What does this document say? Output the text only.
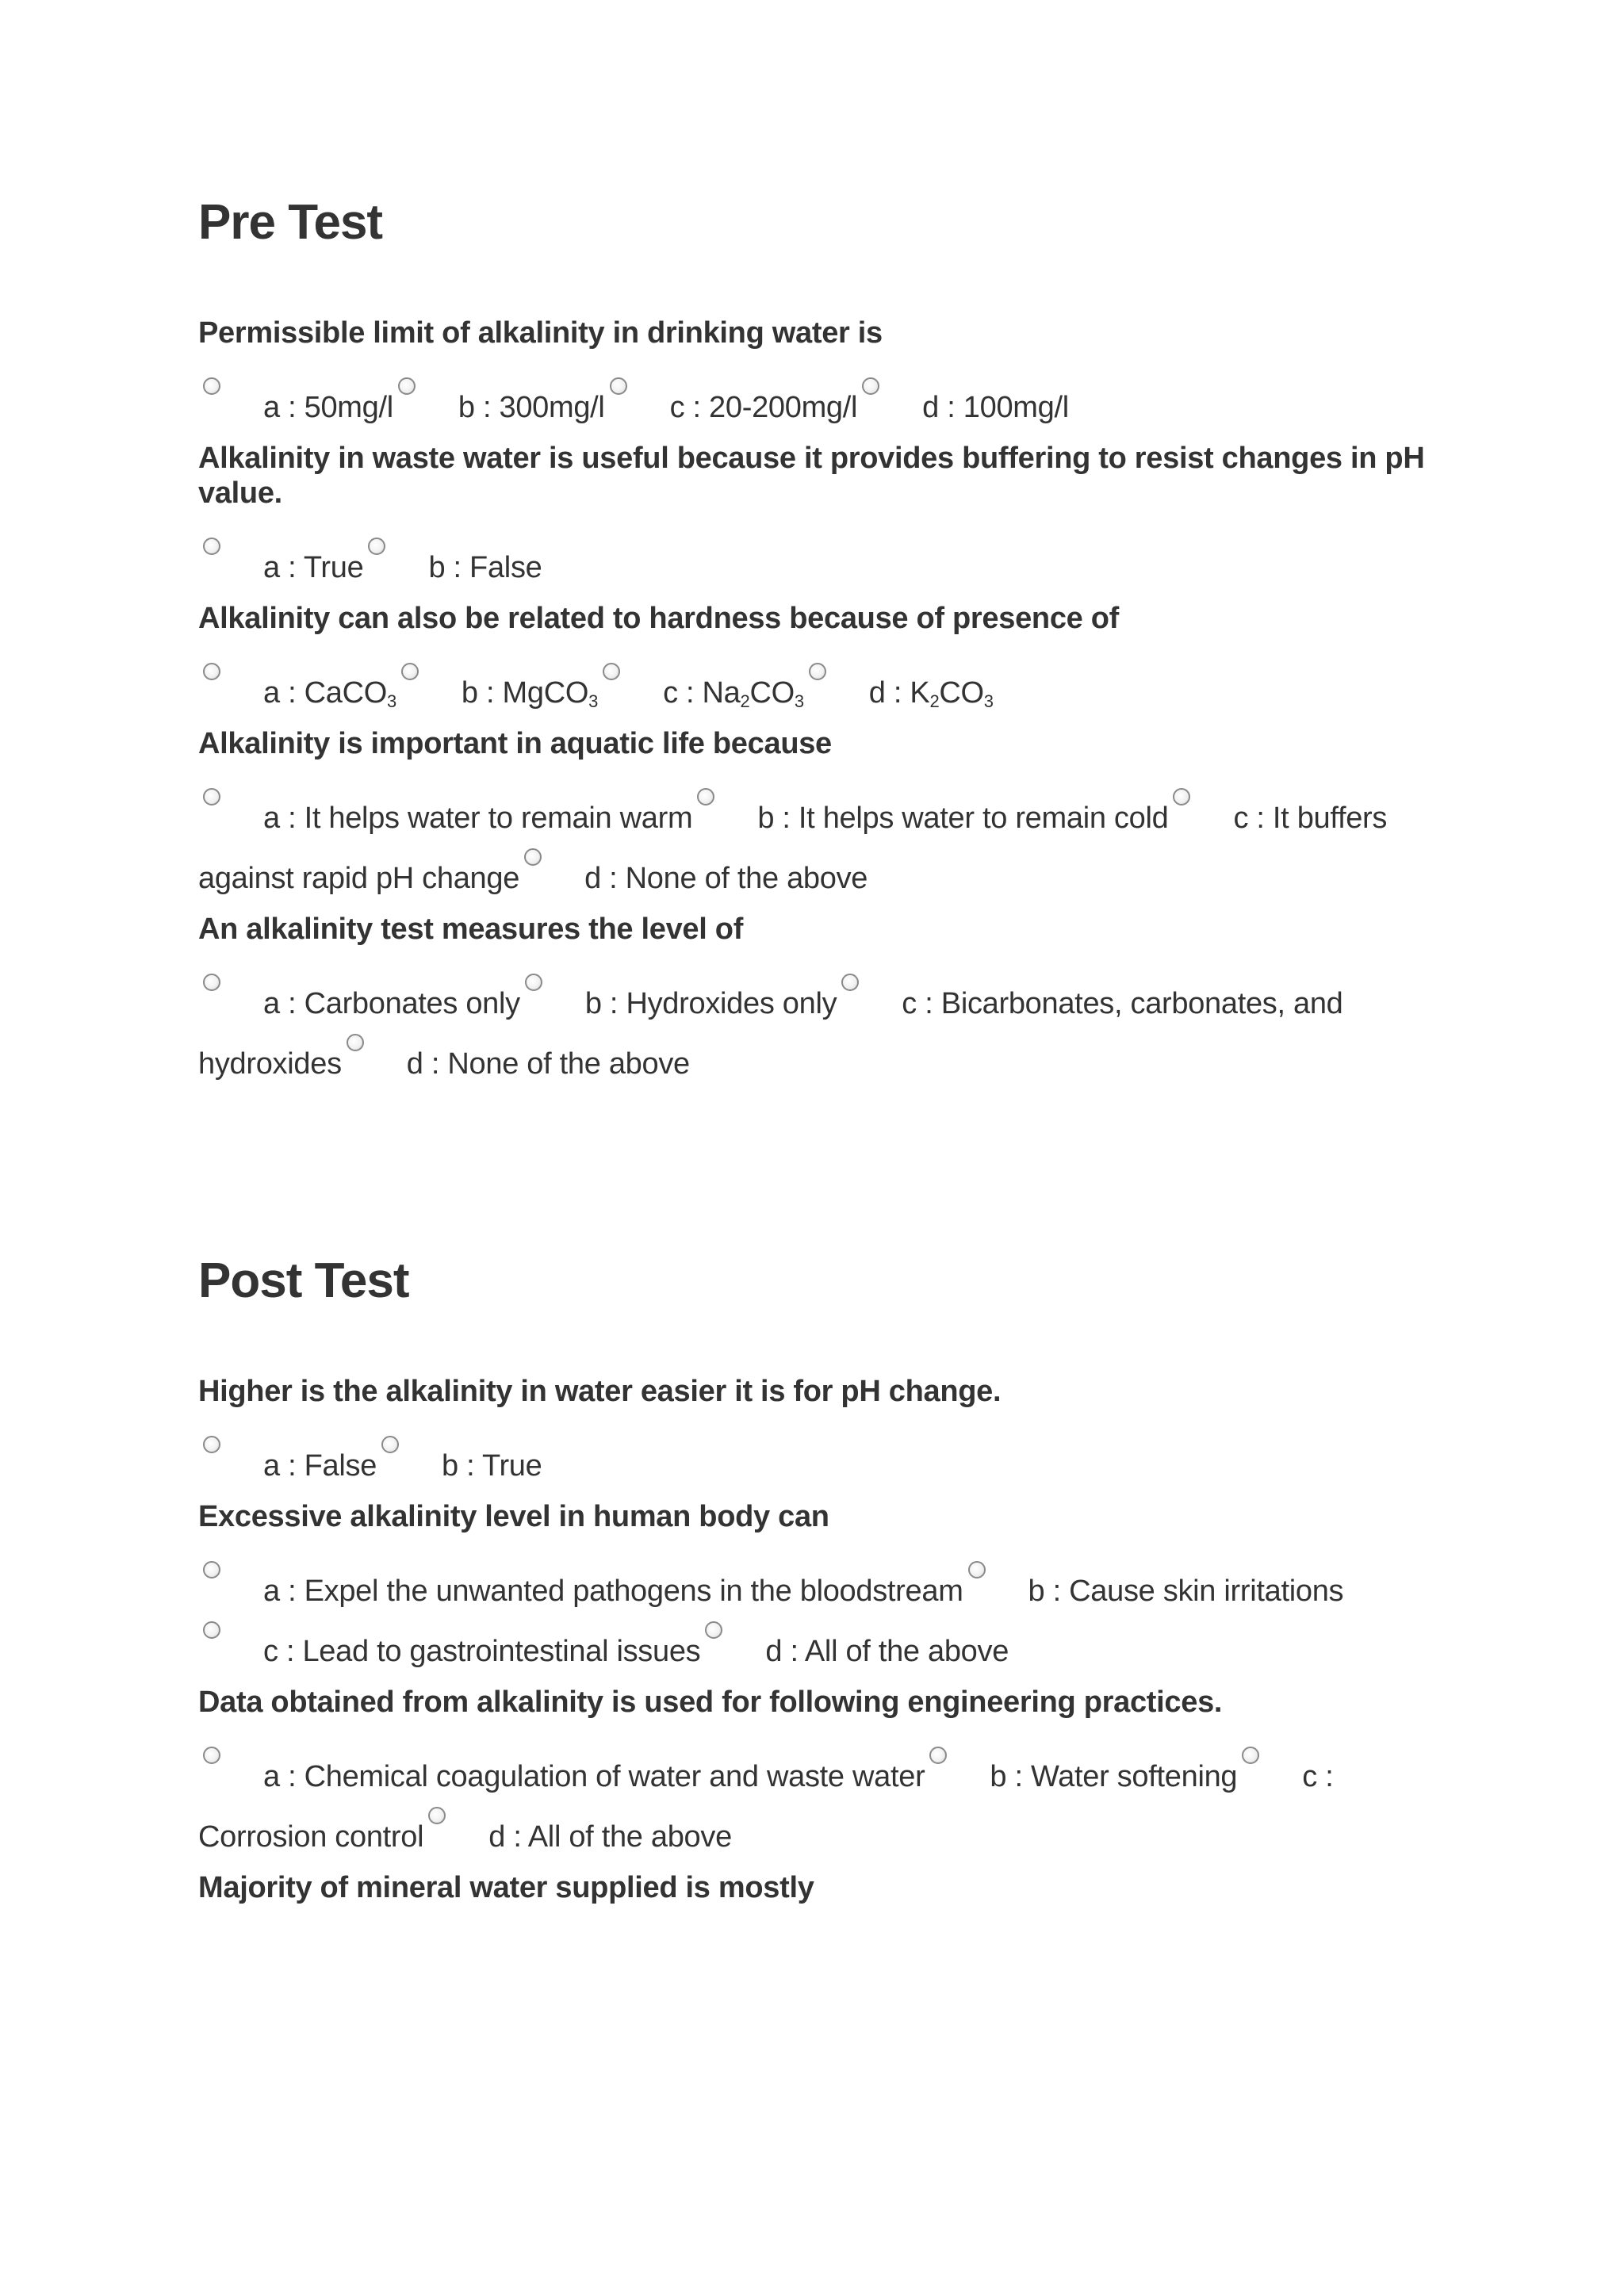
Pre Test

Permissible limit of alkalinity in drinking water is

a : 50mg/l b : 300mg/l c : 20-200mg/l d : 100mg/l

Alkalinity in waste water is useful because it provides buffering to resist changes in pH value.

a : True b : False

Alkalinity can also be related to hardness because of presence of

a : CaCO$_3$ b : MgCO$_3$ c : $Na_2CO_3$ d : $K_2CO_3$

Alkalinity is important in aquatic life because

a : It helps water to remain warm b : It helps water to remain cold c : It buffers against rapid pH change d : None of the above

An alkalinity test measures the level of

a : Carbonates only b : Hydroxides only c : Bicarbonates, carbonates, and hydroxides d : None of the above

Post Test

Higher is the alkalinity in water easier it is for pH change.

a : False b : True

Excessive alkalinity level in human body can

a : Expel the unwanted pathogens in the bloodstream b : Cause skin irritations
c : Lead to gastrointestinal issues d : All of the above

Data obtained from alkalinity is used for following engineering practices.

a : Chemical coagulation of water and waste water b : Water softening c : Corrosion control d : All of the above

Majority of mineral water supplied is mostly
